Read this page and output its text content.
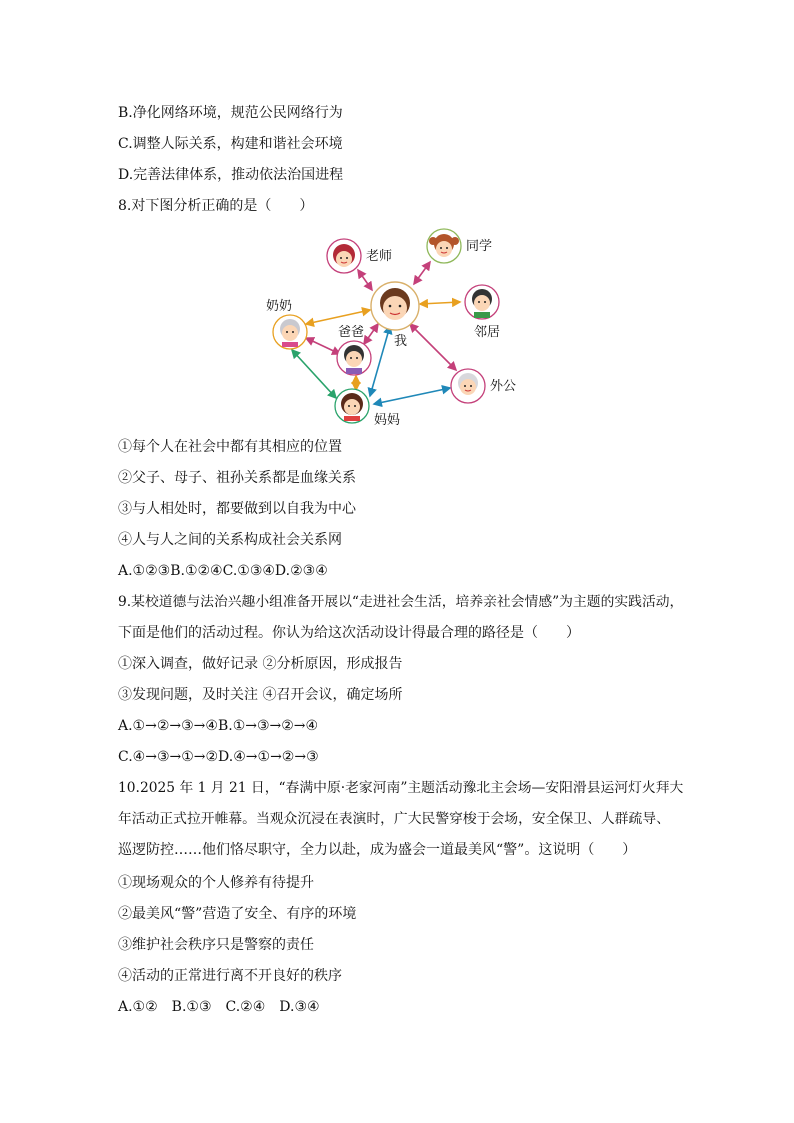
B.净化网络环境，规范公民网络行为
C.调整人际关系，构建和谐社会环境
D.完善法律体系，推动依法治国进程
8.对下图分析正确的是（　　）
老师
同学
我
邻居
奶奶
爸爸
外公
妈妈
①每个人在社会中都有其相应的位置
②父子、母子、祖孙关系都是血缘关系
③与人相处时，都要做到以自我为中心
④人与人之间的关系构成社会关系网
A.①②③B.①②④C.①③④D.②③④
9.某校道德与法治兴趣小组准备开展以“走进社会生活，培养亲社会情感”为主题的实践活动，
下面是他们的活动过程。你认为给这次活动设计得最合理的路径是（　　）
①深入调查，做好记录 ②分析原因，形成报告
③发现问题，及时关注 ④召开会议，确定场所
A.①→②→③→④B.①→③→②→④
C.④→③→①→②D.④→①→②→③
10.2025 年 1 月 21 日，“春满中原·老家河南”主题活动豫北主会场—安阳滑县运河灯火拜大
年活动正式拉开帷幕。当观众沉浸在表演时，广大民警穿梭于会场，安全保卫、人群疏导、
巡逻防控……他们恪尽职守，全力以赴，成为盛会一道最美风“警”。这说明（　　）
①现场观众的个人修养有待提升
②最美风“警”营造了安全、有序的环境
③维护社会秩序只是警察的责任
④活动的正常进行离不开良好的秩序
A.①②　B.①③　C.②④　D.③④
